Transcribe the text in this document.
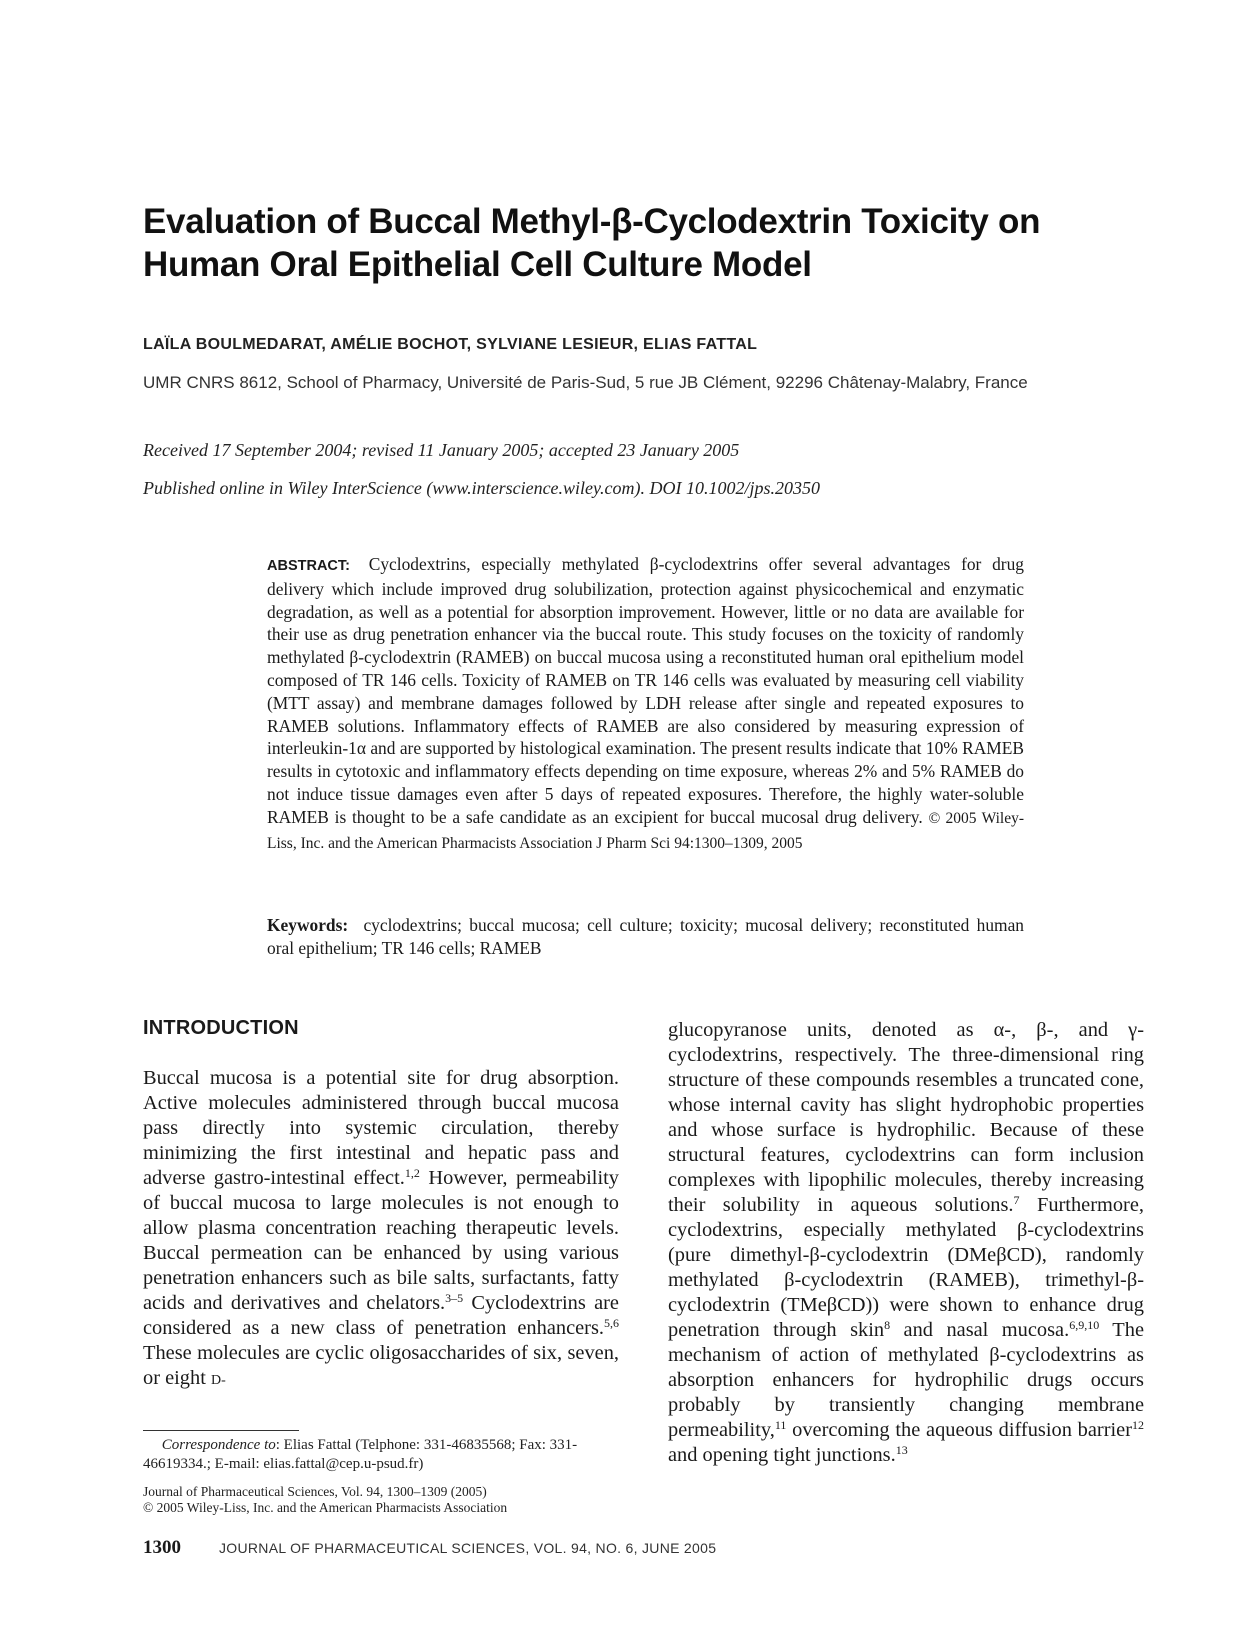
Evaluation of Buccal Methyl-β-Cyclodextrin Toxicity on
Human Oral Epithelial Cell Culture Model

LAÏLA BOULMEDARAT, AMÉLIE BOCHOT, SYLVIANE LESIEUR, ELIAS FATTAL

UMR CNRS 8612, School of Pharmacy, Université de Paris-Sud, 5 rue JB Clément, 92296 Châtenay-Malabry, France

Received 17 September 2004; revised 11 January 2005; accepted 23 January 2005

Published online in Wiley InterScience (www.interscience.wiley.com). DOI 10.1002/jps.20350

ABSTRACT: Cyclodextrins, especially methylated β-cyclodextrins offer several advantages for drug delivery which include improved drug solubilization, protection against physicochemical and enzymatic degradation, as well as a potential for absorption improvement. However, little or no data are available for their use as drug penetration enhancer via the buccal route. This study focuses on the toxicity of randomly methylated β-cyclodextrin (RAMEB) on buccal mucosa using a reconstituted human oral epithelium model composed of TR 146 cells. Toxicity of RAMEB on TR 146 cells was evaluated by measuring cell viability (MTT assay) and membrane damages followed by LDH release after single and repeated exposures to RAMEB solutions. Inflammatory effects of RAMEB are also considered by measuring expression of interleukin-1α and are supported by histological examination. The present results indicate that 10% RAMEB results in cytotoxic and inflammatory effects depending on time exposure, whereas 2% and 5% RAMEB do not induce tissue damages even after 5 days of repeated exposures. Therefore, the highly water-soluble RAMEB is thought to be a safe candidate as an excipient for buccal mucosal drug delivery. © 2005 Wiley-Liss, Inc. and the American Pharmacists Association J Pharm Sci 94:1300–1309, 2005

Keywords: cyclodextrins; buccal mucosa; cell culture; toxicity; mucosal delivery; reconstituted human oral epithelium; TR 146 cells; RAMEB

INTRODUCTION

Buccal mucosa is a potential site for drug absorption. Active molecules administered through buccal mucosa pass directly into systemic circulation, thereby minimizing the first intestinal and hepatic pass and adverse gastro-intestinal effect.$^{1,2}$ However, permeability of buccal mucosa to large molecules is not enough to allow plasma concentration reaching therapeutic levels. Buccal permeation can be enhanced by using various penetration enhancers such as bile salts, surfactants, fatty acids and derivatives and chelators.$^{3-5}$ Cyclodextrins are considered as a new class of penetration enhancers.$^{5,6}$ These molecules are cyclic oligosaccharides of six, seven, or eight D-

glucopyranose units, denoted as α-, β-, and γ-cyclodextrins, respectively. The three-dimensional ring structure of these compounds resembles a truncated cone, whose internal cavity has slight hydrophobic properties and whose surface is hydrophilic. Because of these structural features, cyclodextrins can form inclusion complexes with lipophilic molecules, thereby increasing their solubility in aqueous solutions.$^7$ Furthermore, cyclodextrins, especially methylated β-cyclodextrins (pure dimethyl-β-cyclodextrin (DMeβCD), randomly methylated β-cyclodextrin (RAMEB), trimethyl-β-cyclodextrin (TMeβCD)) were shown to enhance drug penetration through skin$^8$ and nasal mucosa.$^{6,9,10}$ The mechanism of action of methylated β-cyclodextrins as absorption enhancers for hydrophilic drugs occurs probably by transiently changing membrane permeability,$^{11}$ overcoming the aqueous diffusion barrier$^{12}$ and opening tight junctions.$^{13}$

Correspondence to: Elias Fattal (Telphone: 331-46835568; Fax: 331-46619334.; E-mail: elias.fattal@cep.u-psud.fr)

Journal of Pharmaceutical Sciences, Vol. 94, 1300–1309 (2005)
© 2005 Wiley-Liss, Inc. and the American Pharmacists Association

1300	JOURNAL OF PHARMACEUTICAL SCIENCES, VOL. 94, NO. 6, JUNE 2005
